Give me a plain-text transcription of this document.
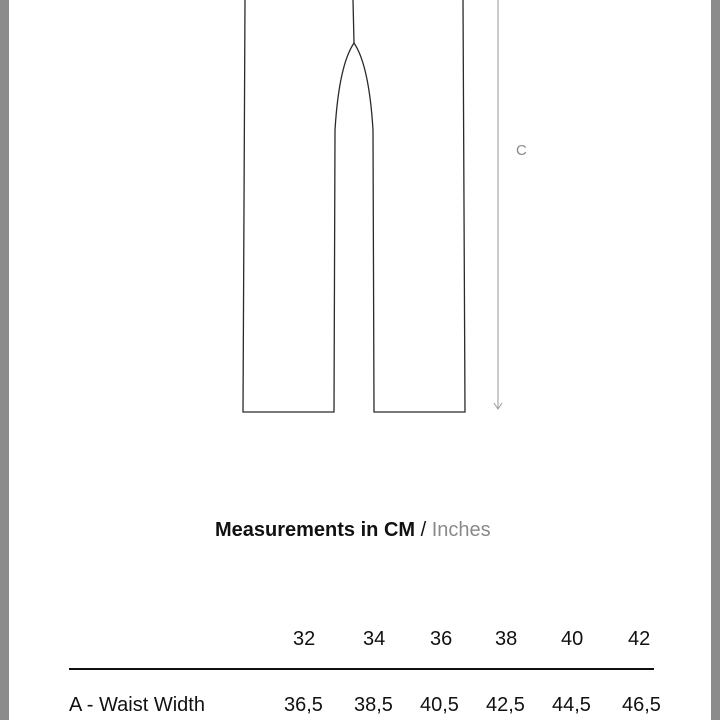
C
Measurements in CM / Inches
32 34 36 38 40 42
A - Waist Width	36,5 38,5 40,5 42,5 44,5 46,5
